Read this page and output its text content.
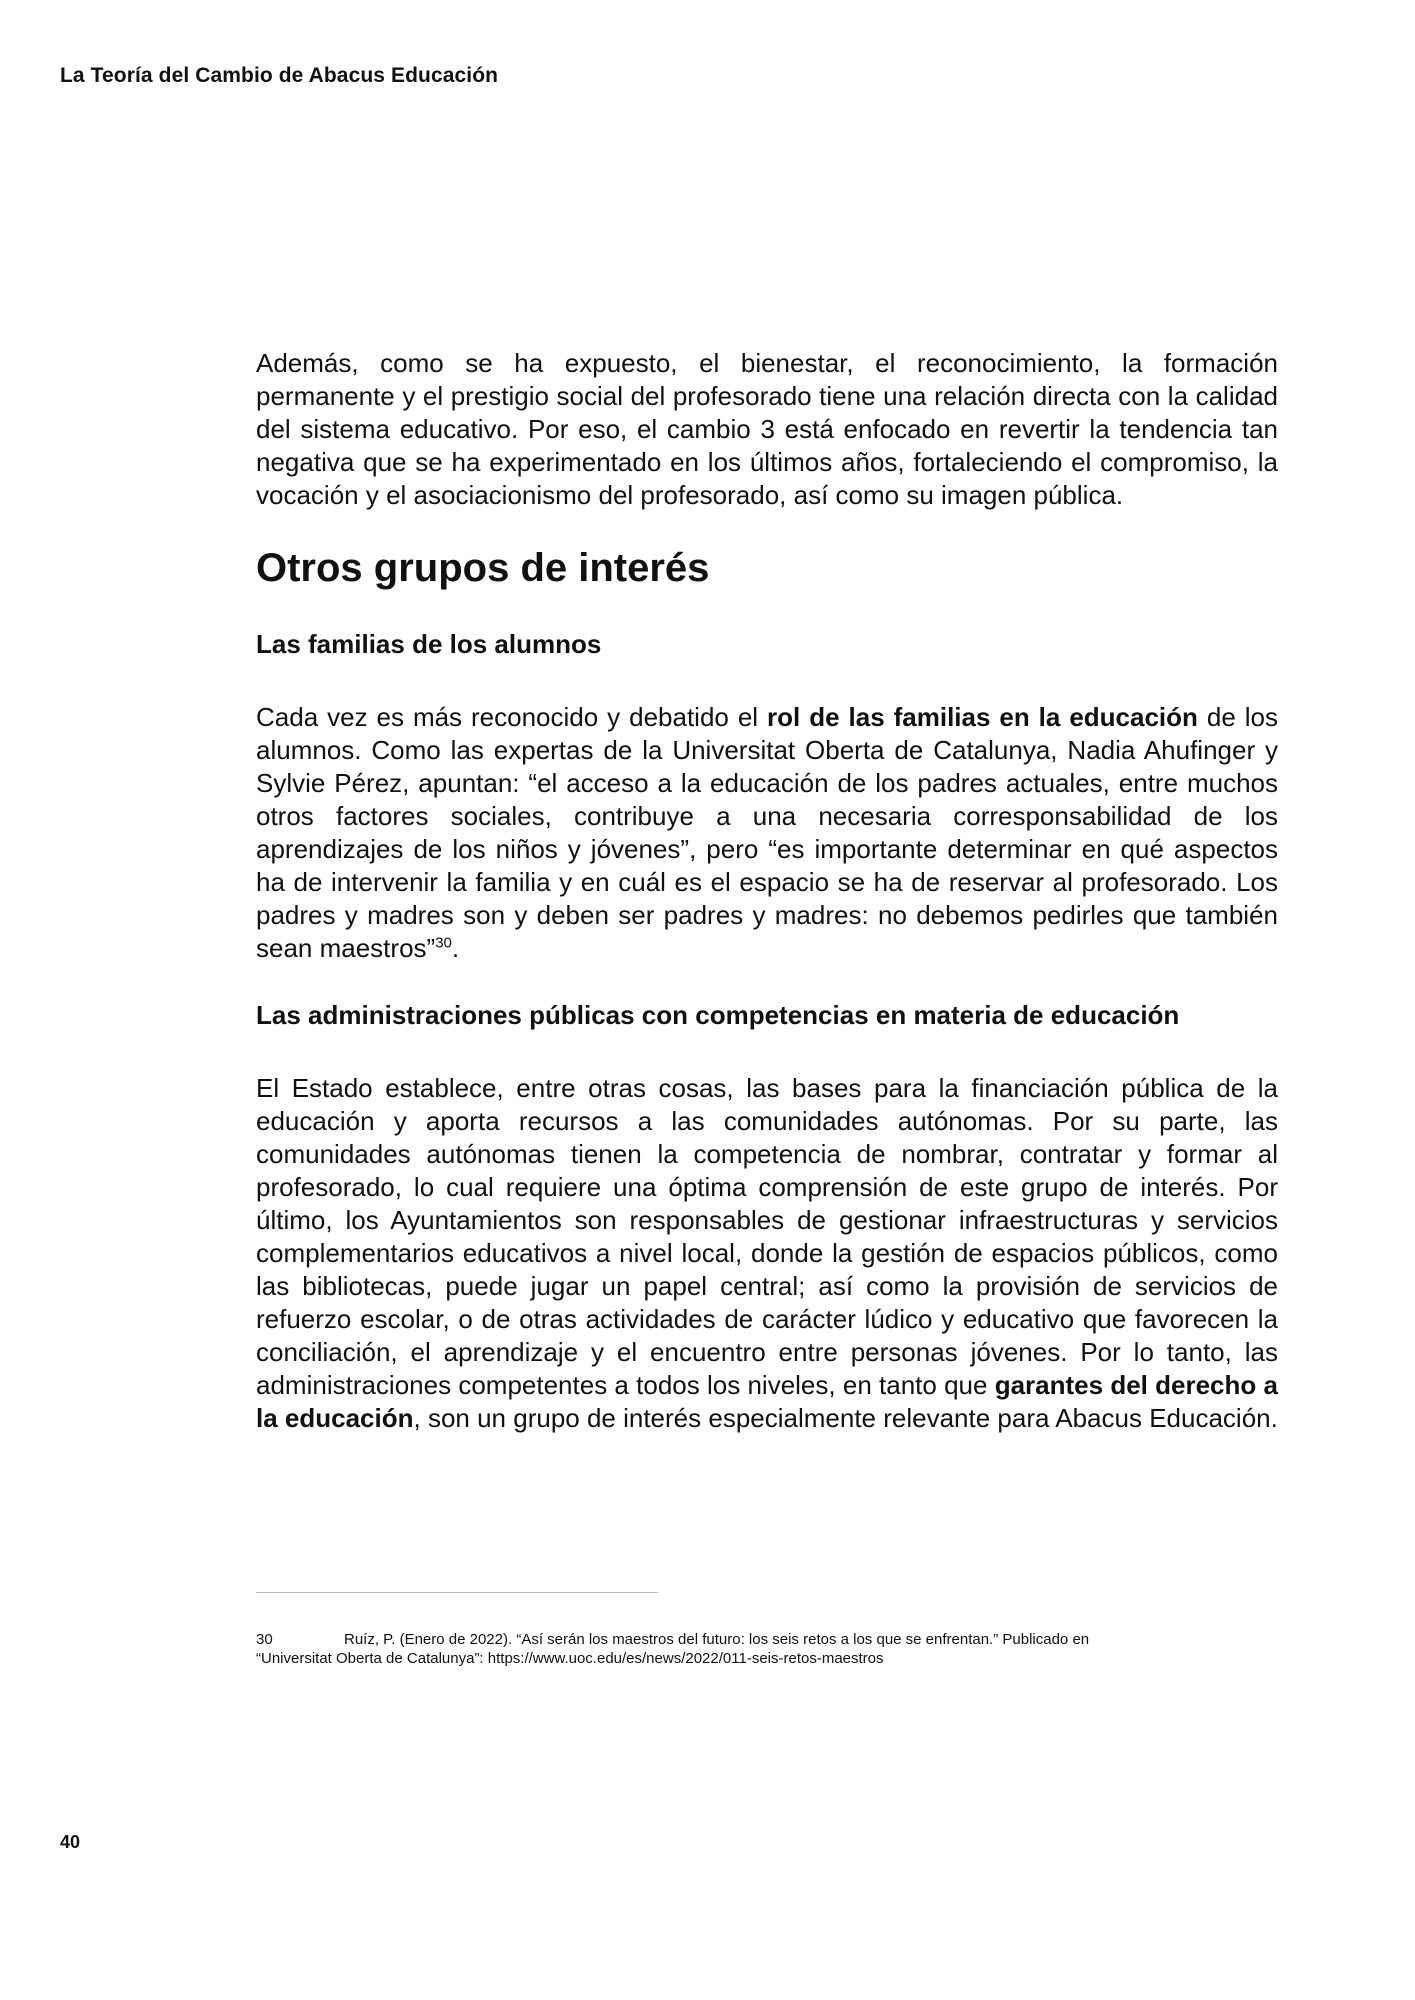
La Teoría del Cambio de Abacus Educación

Además, como se ha expuesto, el bienestar, el reconocimiento, la formación permanente y el prestigio social del profesorado tiene una relación directa con la calidad del sistema educativo. Por eso, el cambio 3 está enfocado en revertir la tendencia tan negativa que se ha experimentado en los últimos años, fortaleciendo el compromiso, la vocación y el asociacionismo del profesorado, así como su imagen pública.

Otros grupos de interés
Las familias de los alumnos

Cada vez es más reconocido y debatido el rol de las familias en la educación de los alumnos. Como las expertas de la Universitat Oberta de Catalunya, Nadia Ahufinger y Sylvie Pérez, apuntan: “el acceso a la educación de los padres actuales, entre muchos otros factores sociales, contribuye a una necesaria corresponsabilidad de los aprendizajes de los niños y jóvenes”, pero “es importante determinar en qué aspectos ha de intervenir la familia y en cuál es el espacio se ha de reservar al profesorado. Los padres y madres son y deben ser padres y madres: no debemos pedirles que también sean maestros”$^{30}$.

Las administraciones públicas con competencias en materia de educación

El Estado establece, entre otras cosas, las bases para la financiación pública de la educación y aporta recursos a las comunidades autónomas. Por su parte, las comunidades autónomas tienen la competencia de nombrar, contratar y formar al profesorado, lo cual requiere una óptima comprensión de este grupo de interés. Por último, los Ayuntamientos son responsables de gestionar infraestructuras y servicios complementarios educativos a nivel local, donde la gestión de espacios públicos, como las bibliotecas, puede jugar un papel central; así como la provisión de servicios de refuerzo escolar, o de otras actividades de carácter lúdico y educativo que favorecen la conciliación, el aprendizaje y el encuentro entre personas jóvenes. Por lo tanto, las administraciones competentes a todos los niveles, en tanto que garantes del derecho a la educación, son un grupo de interés especialmente relevante para Abacus Educación.

30	Ruíz, P. (Enero de 2022). “Así serán los maestros del futuro: los seis retos a los que se enfrentan.” Publicado en “Universitat Oberta de Catalunya”: https://www.uoc.edu/es/news/2022/011-seis-retos-maestros
40
